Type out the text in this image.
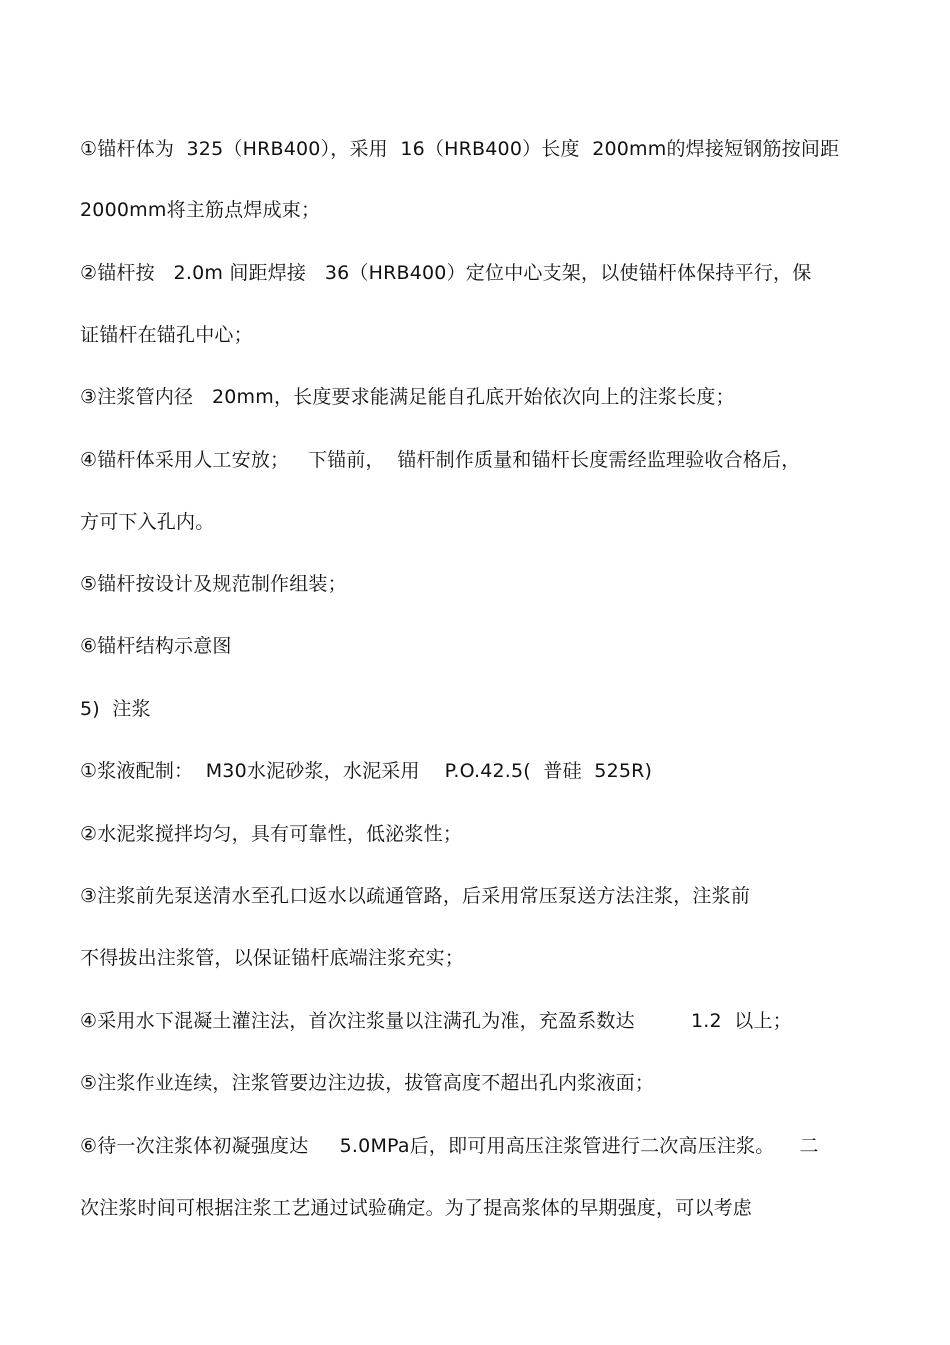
①锚杆体为  325（HRB400），采用  16（HRB400）长度  200mm的焊接短钢筋按间距
2000mm将主筋点焊成束；
②锚杆按   2.0m 间距焊接   36（HRB400）定位中心支架，以使锚杆体保持平行，保
证锚杆在锚孔中心；
③注浆管内径   20mm，长度要求能满足能自孔底开始依次向上的注浆长度；
④锚杆体采用人工安放；   下锚前，  锚杆制作质量和锚杆长度需经监理验收合格后，
方可下入孔内。
⑤锚杆按设计及规范制作组装；
⑥锚杆结构示意图
5)  注浆
①浆液配制：  M30水泥砂浆，水泥采用    P.O.42.5(  普硅  525R)
②水泥浆搅拌均匀，具有可靠性，低泌浆性；
③注浆前先泵送清水至孔口返水以疏通管路，后采用常压泵送方法注浆，注浆前
不得拔出注浆管，以保证锚杆底端注浆充实；
④采用水下混凝土灌注法，首次注浆量以注满孔为准，充盈系数达         1.2  以上；
⑤注浆作业连续，注浆管要边注边拔，拔管高度不超出孔内浆液面；
⑥待一次注浆体初凝强度达     5.0MPa后，即可用高压注浆管进行二次高压注浆。    二
次注浆时间可根据注浆工艺通过试验确定。为了提高浆体的早期强度，可以考虑
